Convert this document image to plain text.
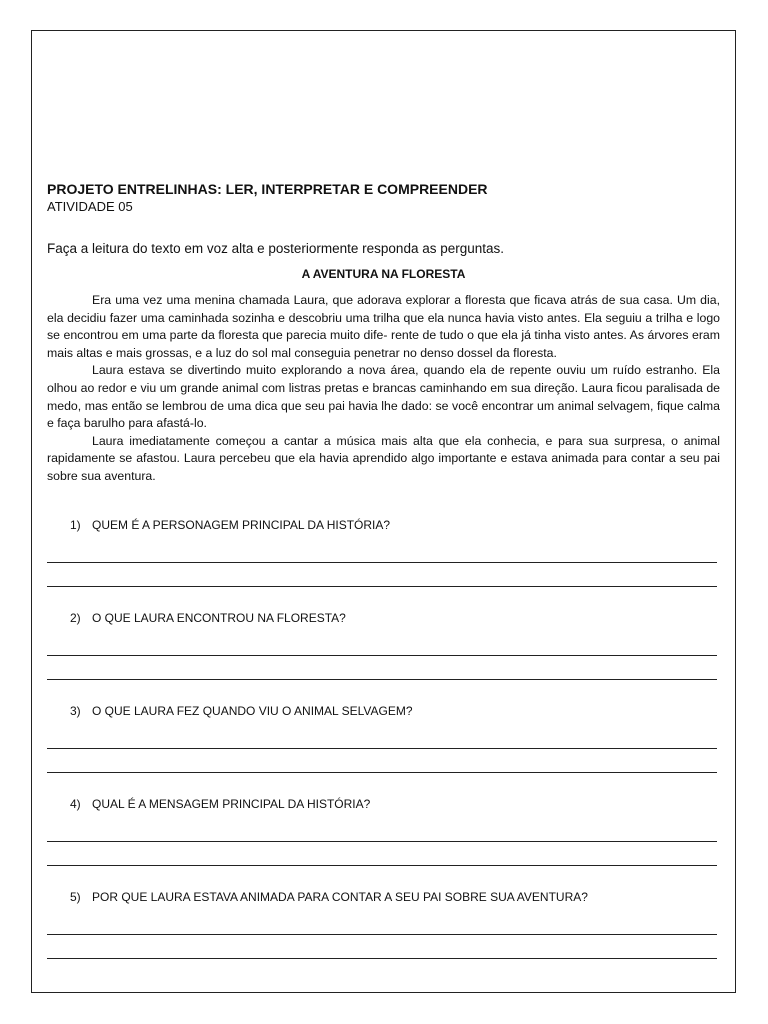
PROJETO ENTRELINHAS: LER, INTERPRETAR E COMPREENDER

ATIVIDADE 05

Faça a leitura do texto em voz alta e posteriormente responda as perguntas.

A AVENTURA NA FLORESTA

Era uma vez uma menina chamada Laura, que adorava explorar a floresta que ficava atrás de sua casa. Um dia, ela decidiu fazer uma caminhada sozinha e descobriu uma trilha que ela nunca havia visto antes. Ela seguiu a trilha e logo se encontrou em uma parte da floresta que parecia muito dife- rente de tudo o que ela já tinha visto antes. As árvores eram mais altas e mais grossas, e a luz do sol mal conseguia penetrar no denso dossel da floresta.

Laura estava se divertindo muito explorando a nova área, quando ela de repente ouviu um ruído estranho. Ela olhou ao redor e viu um grande animal com listras pretas e brancas caminhando em sua direção. Laura ficou paralisada de medo, mas então se lembrou de uma dica que seu pai havia lhe dado: se você encontrar um animal selvagem, fique calma e faça barulho para afastá-lo.

Laura imediatamente começou a cantar a música mais alta que ela conhecia, e para sua surpresa, o animal rapidamente se afastou. Laura percebeu que ela havia aprendido algo importante e estava animada para contar a seu pai sobre sua aventura.

1) QUEM É A PERSONAGEM PRINCIPAL DA HISTÓRIA?
2) O QUE LAURA ENCONTROU NA FLORESTA?
3) O QUE LAURA FEZ QUANDO VIU O ANIMAL SELVAGEM?
4) QUAL É A MENSAGEM PRINCIPAL DA HISTÓRIA?
5) POR QUE LAURA ESTAVA ANIMADA PARA CONTAR A SEU PAI SOBRE SUA AVENTURA?
